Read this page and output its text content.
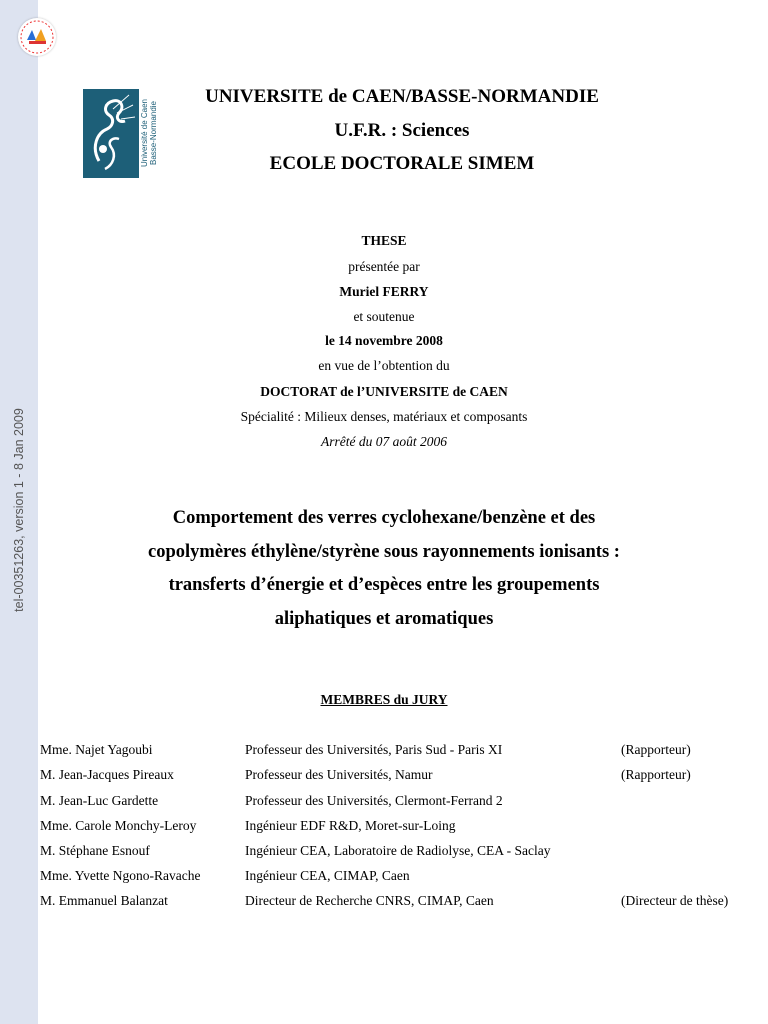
tel-00351263, version 1 - 8 Jan 2009
Université de Caen Basse-Normandie
UNIVERSITE de CAEN/BASSE-NORMANDIE
U.F.R. : Sciences
ECOLE DOCTORALE SIMEM
THESE
présentée par
Muriel FERRY
et soutenue
le 14 novembre 2008
en vue de l’obtention du
DOCTORAT de l’UNIVERSITE de CAEN
Spécialité : Milieux denses, matériaux et composants
Arrêté du 07 août 2006
Comportement des verres cyclohexane/benzène et des
copolymères éthylène/styrène sous rayonnements ionisants :
transferts d’énergie et d’espèces entre les groupements
aliphatiques et aromatiques
MEMBRES du JURY
Mme. Najet Yagoubi	Professeur des Universités, Paris Sud - Paris XI	(Rapporteur)
M. Jean-Jacques Pireaux	Professeur des Universités, Namur	(Rapporteur)
M. Jean-Luc Gardette	Professeur des Universités, Clermont-Ferrand 2
Mme. Carole Monchy-Leroy	Ingénieur EDF R&D, Moret-sur-Loing
M. Stéphane Esnouf	Ingénieur CEA, Laboratoire de Radiolyse, CEA - Saclay
Mme. Yvette Ngono-Ravache	Ingénieur CEA, CIMAP, Caen
M. Emmanuel Balanzat	Directeur de Recherche CNRS, CIMAP, Caen	(Directeur de thèse)
